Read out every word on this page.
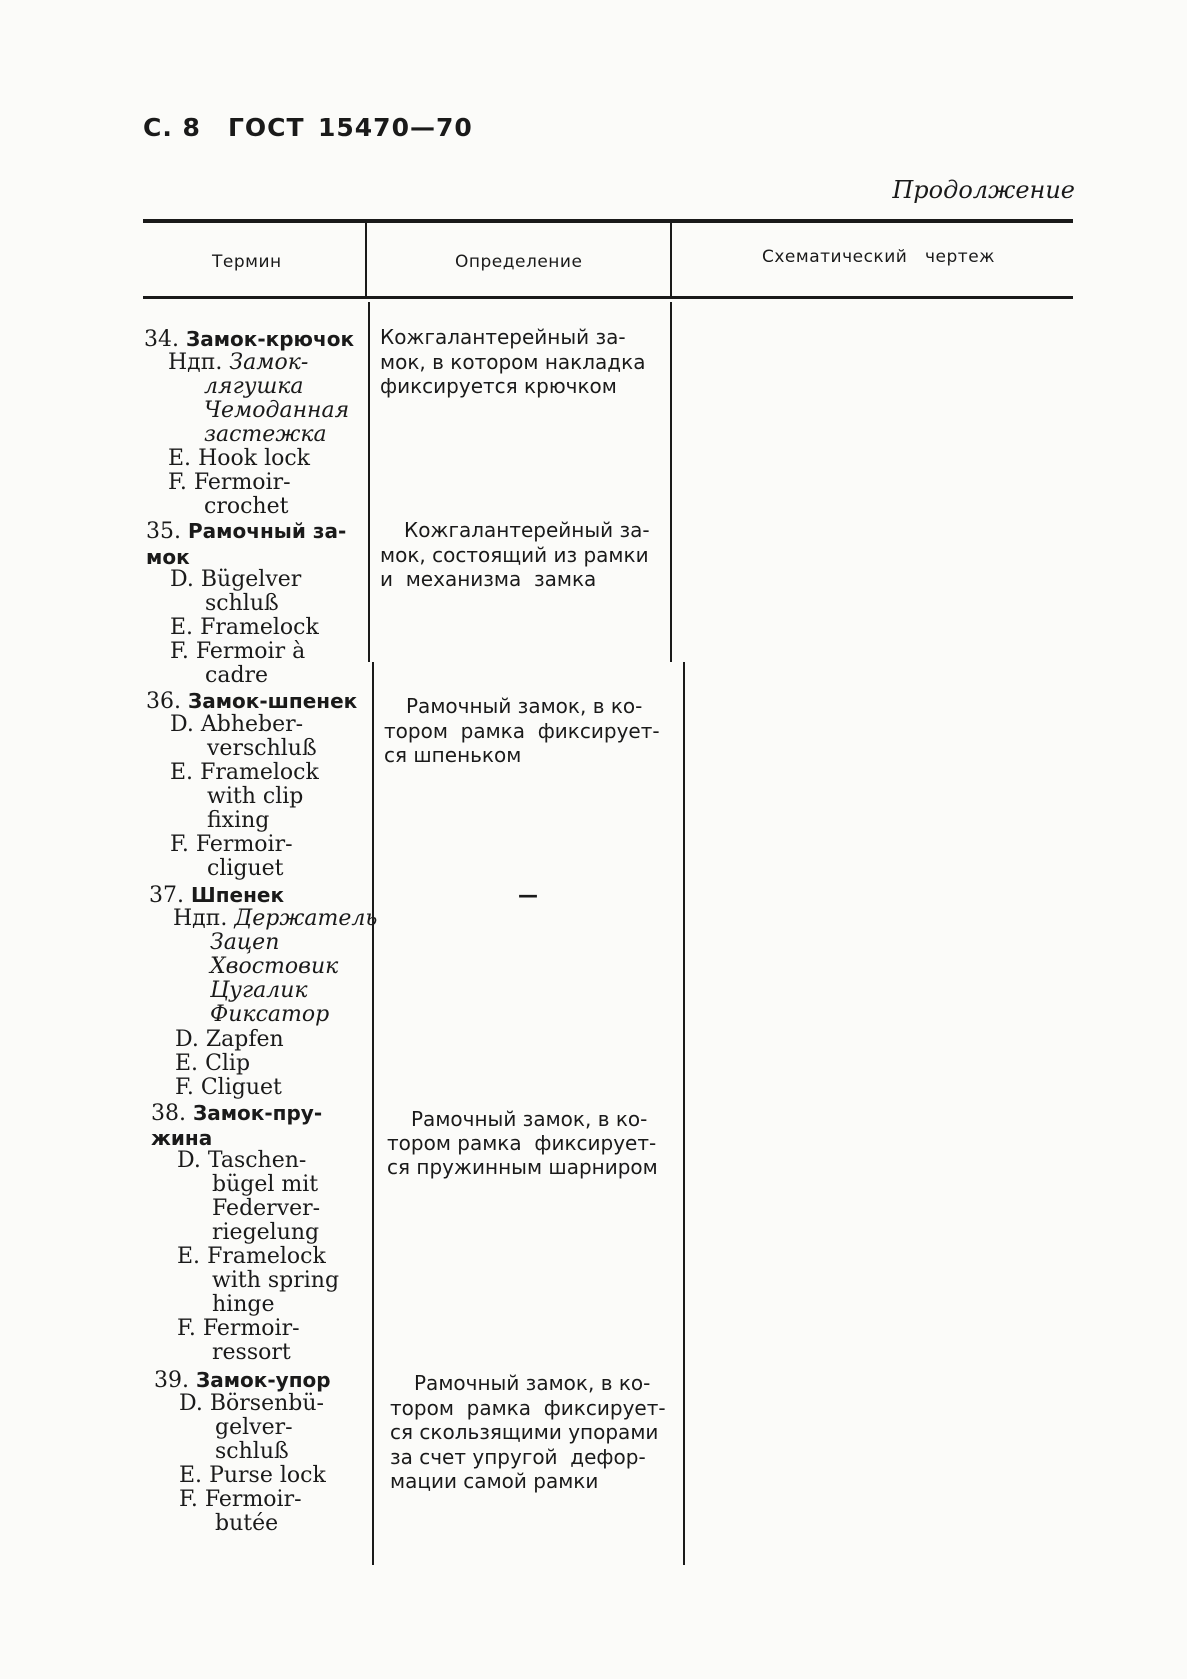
С. 8 ГОСТ 15470—70
Продолжение
Термин	Определение	Схематический   чертеж
34. Замок-крючок
Ндп. Замок-
лягушка
Чемоданная
застежка
E. Hook lock
F. Fermoir-
crochet
Кожгалантерейный за-
мок, в котором накладка
фиксируется крючком
35. Рамочный за-
мок
D. Bügelver
schluß
E. Framelock
F. Fermoir à
cadre
Кожгалантерейный за-
мок, состоящий из рамки
и  механизма  замка
36. Замок-шпенек
D. Abheber-
verschluß
E. Framelock
with clip
fixing
F. Fermoir-
cliguet
Рамочный замок, в ко-
тором  рамка  фиксирует-
ся шпеньком
37. Шпенек
Ндп. Держатель
Зацеп
Хвостовик
Цугалик
Фиксатор
D. Zapfen
E. Clip
F. Cliguet
—
38. Замок-пру-
жина
D. Taschen-
bügel mit
Federver-
riegelung
E. Framelock
with spring
hinge
F. Fermoir-
ressort
Рамочный замок, в ко-
тором рамка  фиксирует-
ся пружинным шарниром
39. Замок-упор
D. Börsenbü-
gelver-
schluß
E. Purse lock
F. Fermoir-
butée
Рамочный замок, в ко-
тором  рамка  фиксирует-
ся скользящими упорами
за счет упругой  дефор-
мации самой рамки
